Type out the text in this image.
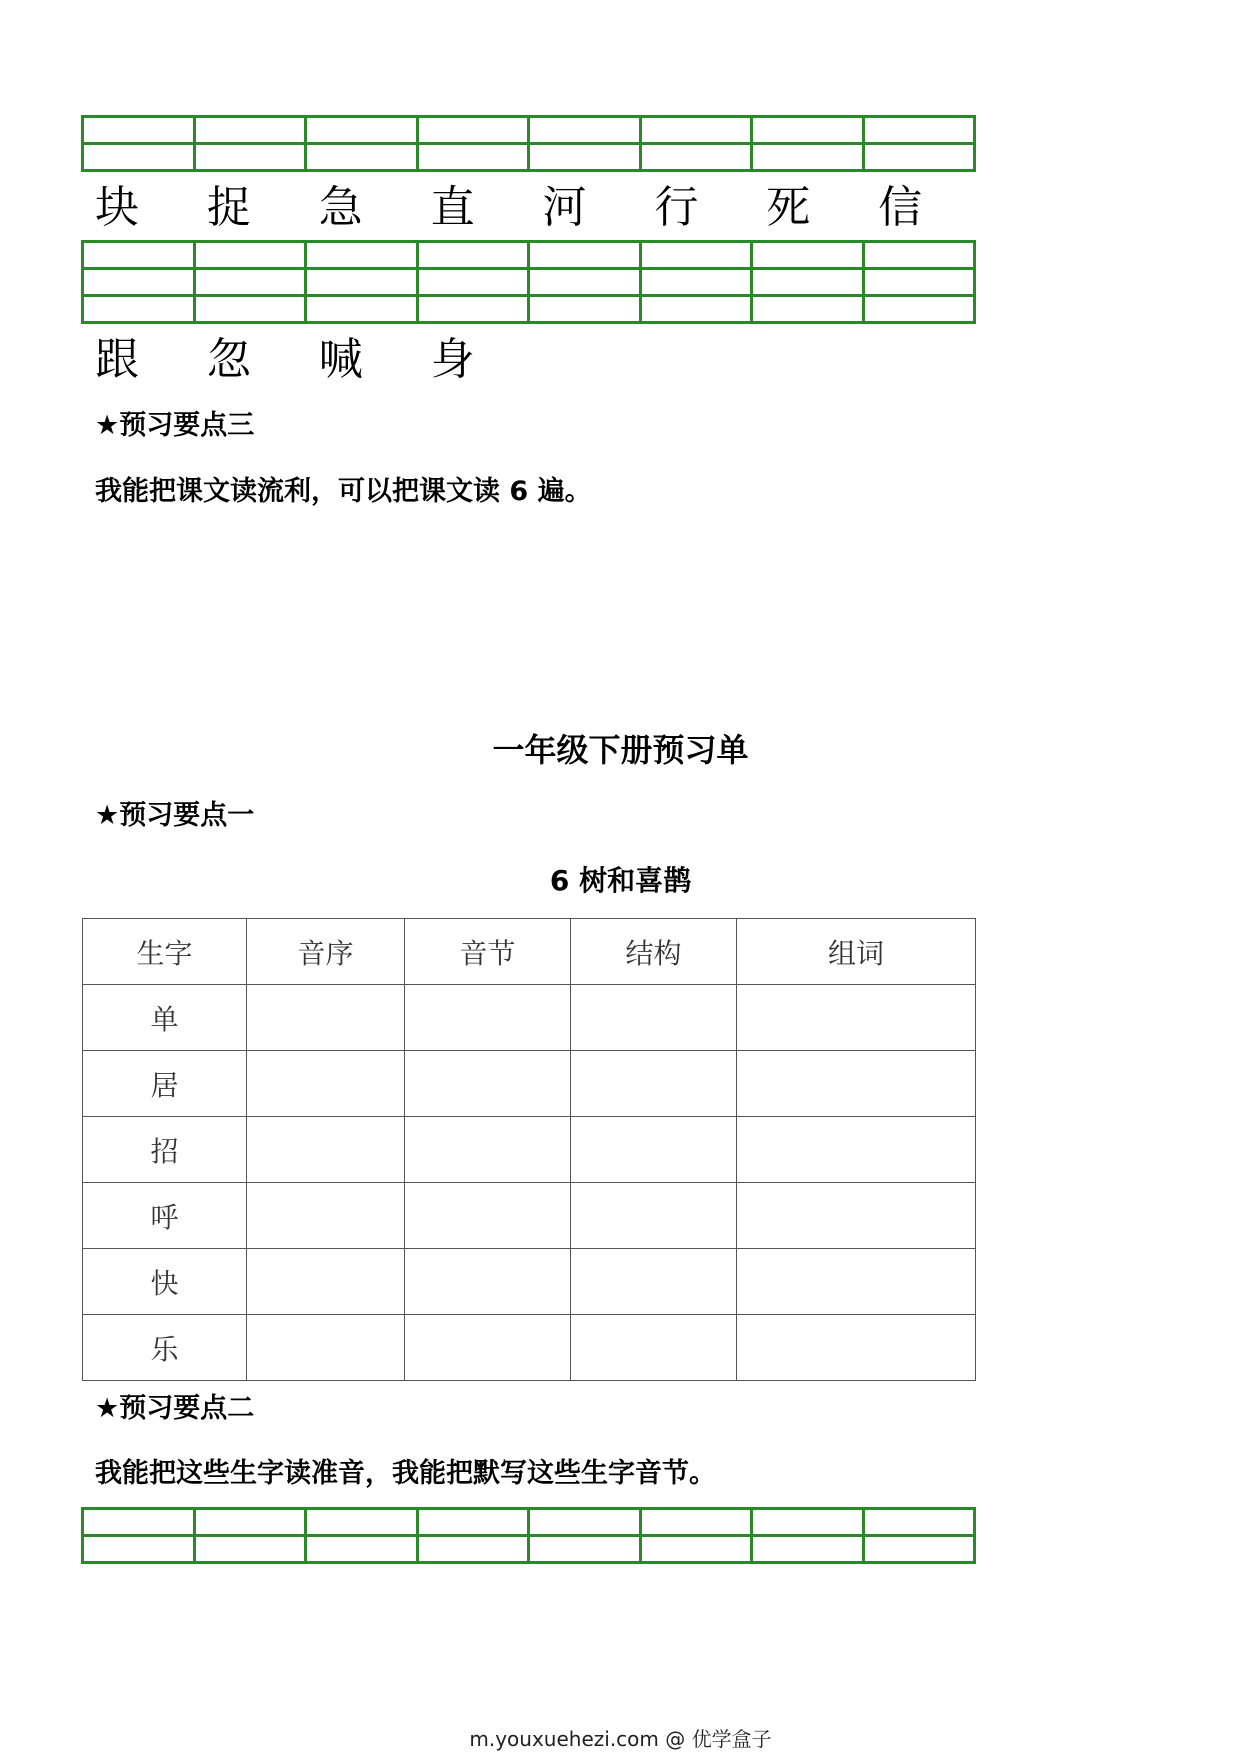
块	捉	急	直	河	行	死	信

跟	忽	喊	身
★预习要点三
我能把课文读流利，可以把课文读 6 遍。
一年级下册预习单
★预习要点一
6 树和喜鹊
生字	音序	音节	结构	组词
单				
居				
招				
呼				
快				
乐				
★预习要点二
我能把这些生字读准音，我能把默写这些生字音节。

m.youxuehezi.com @ 优学盒子
